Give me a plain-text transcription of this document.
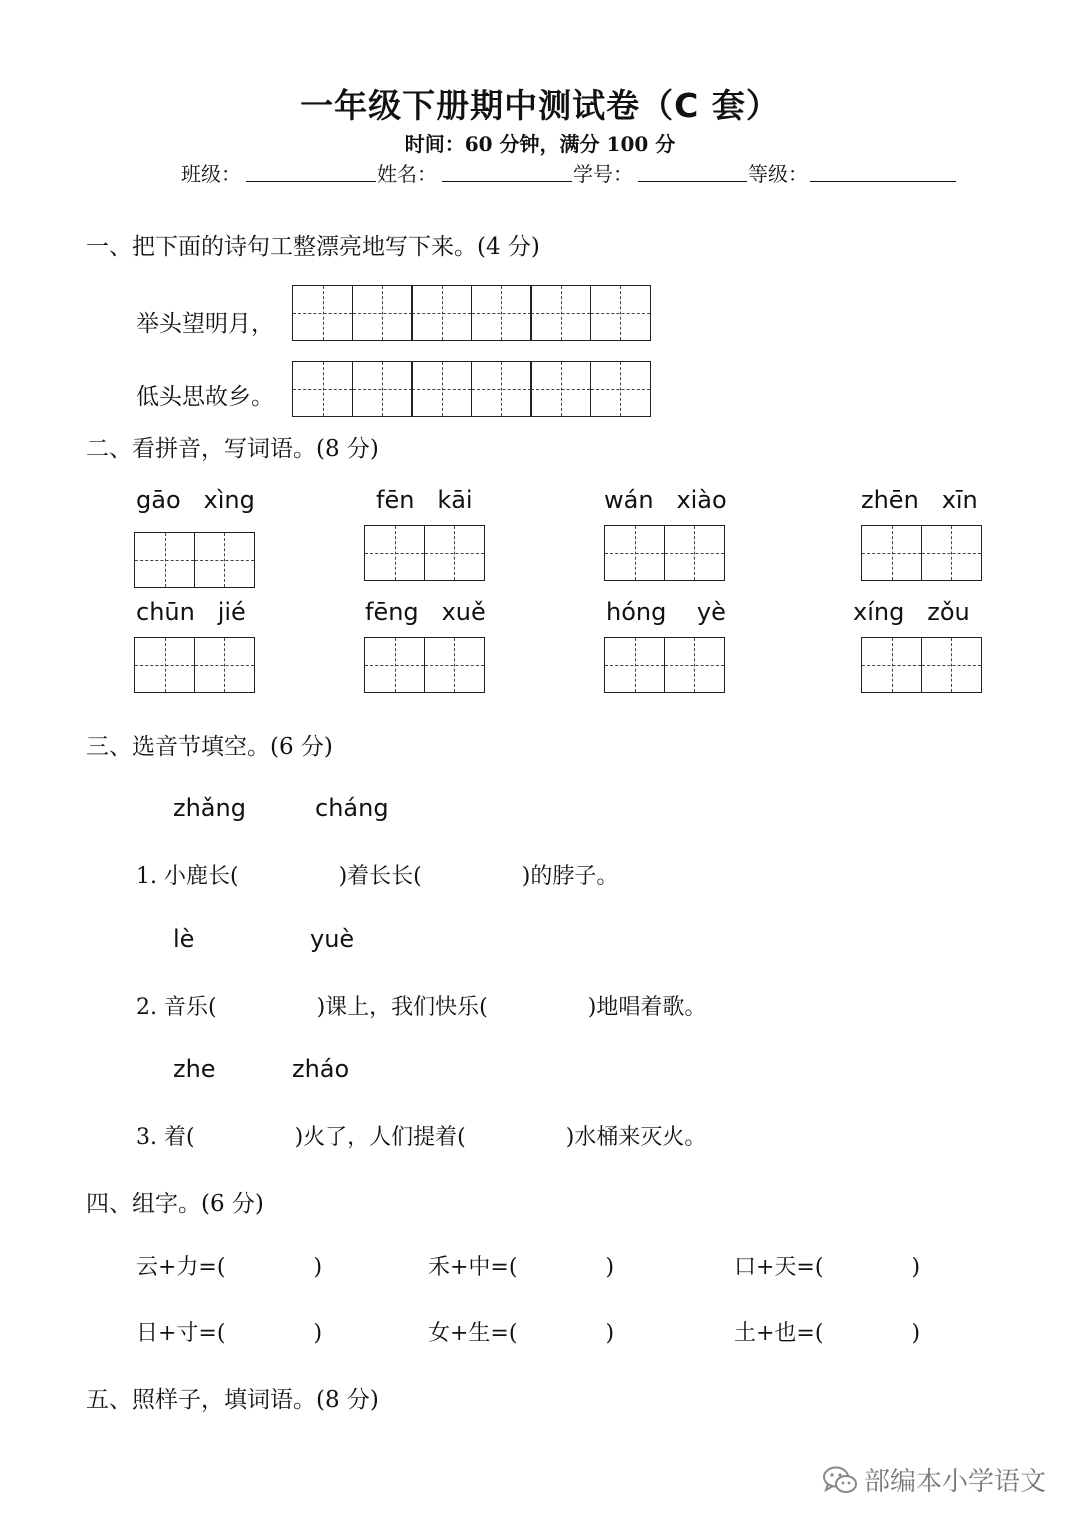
一年级下册期中测试卷（C 套）
时间：60 分钟，满分 100 分
班级：	姓名：	学号：	等级：
一、把下面的诗句工整漂亮地写下来。(4 分)
举头望明月，
低头思故乡。
二、看拼音，写词语。(8 分)
gāo xìng	fēn kāi	wán xiào	zhēn xīn
chūn jié	fēng xuě	hóng yè	xíng zǒu
三、选音节填空。(6 分)
zhǎng	cháng
1. 小鹿长(	)着长长(	)的脖子。
lè	yuè
2. 音乐(	)课上，我们快乐(	)地唱着歌。
zhe	zháo
3. 着(	)火了，人们提着(	)水桶来灭火。
四、组字。(6 分)
云+力=(	)	禾+中=(	)	口+天=(	)
日+寸=(	)	女+生=(	)	土+也=(	)
五、照样子，填词语。(8 分)
部编本小学语文
